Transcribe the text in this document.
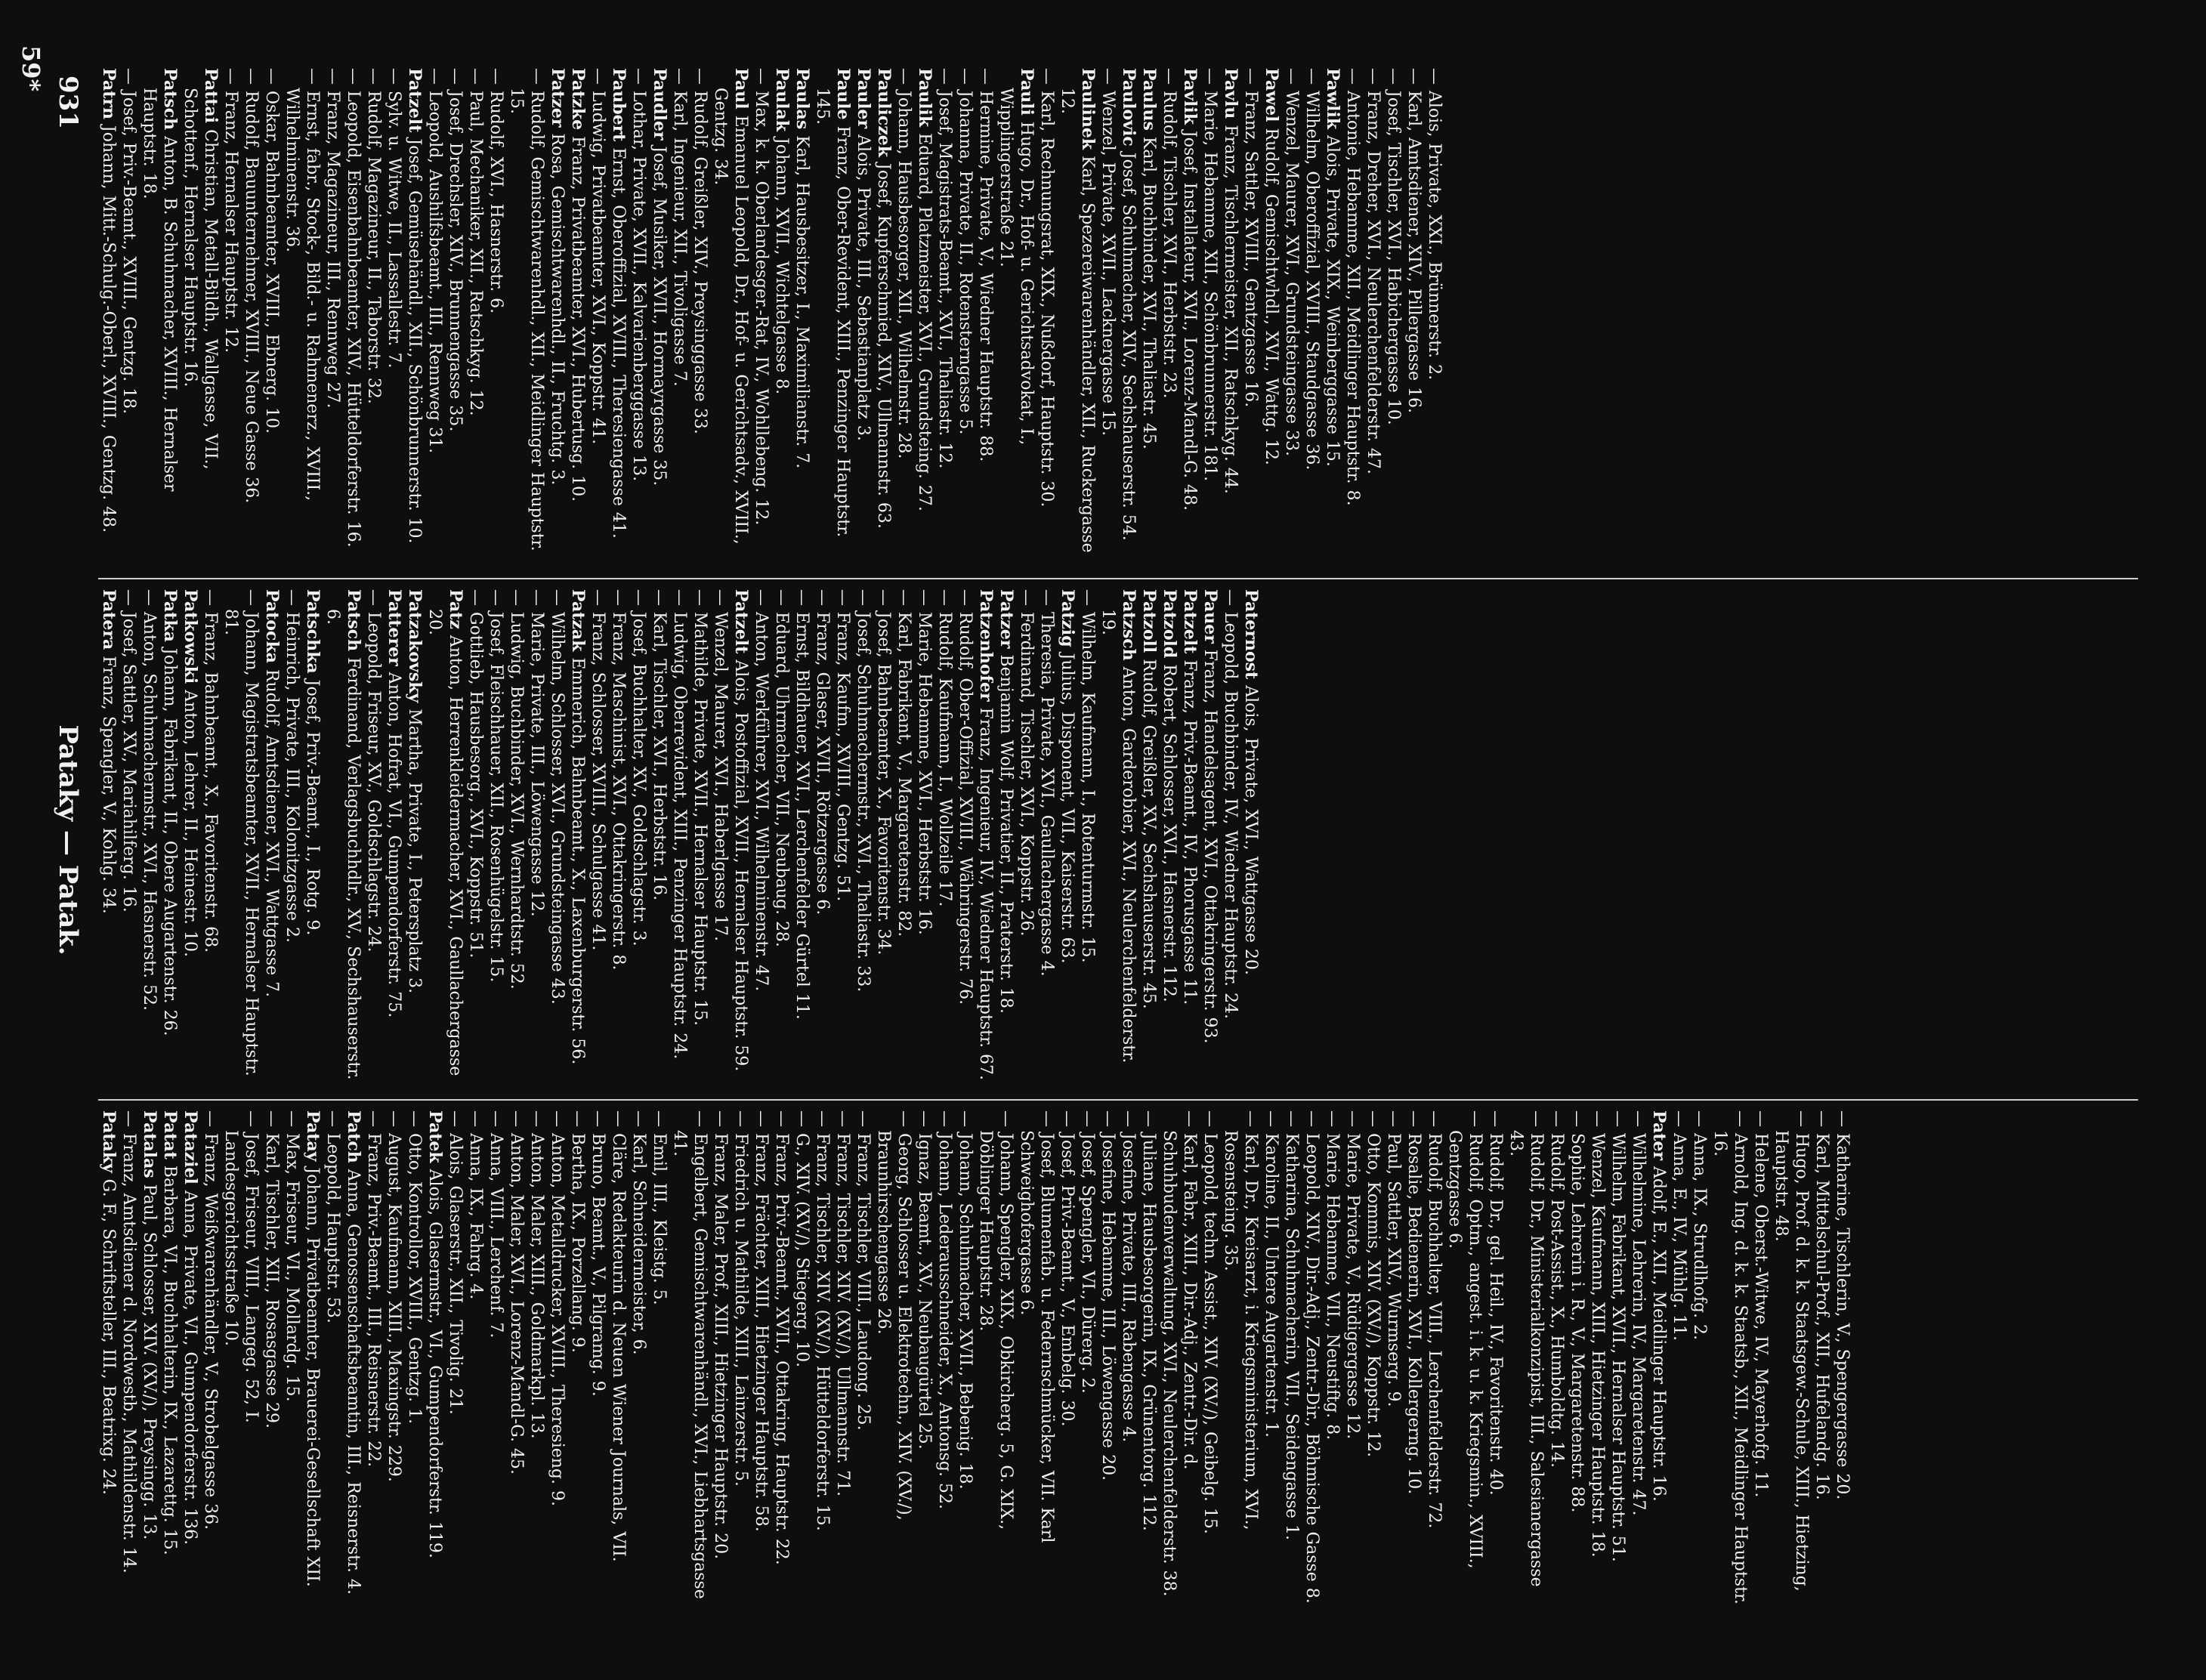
931
Pataky — Patak.

Patrn Johann, Mitt.-Schulg.-Oberl., XVIII., Gentzg. 48.

— Josef, Priv.-Beamt., XVIII., Gentzg. 18.	Patsch Anton, B. Schuhmacher, XVIII., Hernalser Hauptstr. 18.	Pattai Christian, Metall-Bildh., Wallgasse, VII., Schottenf., Hernalser Hauptstr. 16.

— Franz, Hernalser Hauptstr. 12.

— Rudolf, Bauunternehmer, XVIII., Neue Gasse 36.

— Oskar, Bahnbeamter, XVIII., Ebnerg. 10.

— Ernst, fabr., Stock-, Bild.- u. Rahmenerz., XVIII., Wilhelminenstr. 36.

— Franz, Magazineur, III., Rennweg 27.

— Leopold, Eisenbahnbeamter, XIV., Hütteldorferstr. 16.

— Rudolf, Magazineur, II., Taborstr. 32.

— Sylv. u. Witwe, II., Lassallestr. 7. Patzelt Josef, Gemüsehändl., XII., Schönbrunnerstr. 10.

— Leopold, Aushilfsbeamt., III., Rennweg 31.

— Josef, Drechsler, XIV., Brunnengasse 35.

— Paul, Mechaniker, XII., Ratschkyg. 12.

— Rudolf, XVI., Hasnerstr. 6.

— Rudolf, Gemischtwarenhdl., XII., Meidlinger Hauptstr. 15.	Patzer Rosa, Gemischtwarenhdl., II., Fruchtg. 3.

Patzke Franz, Privatbeamter, XVI., Hubertusg. 10.

— Ludwig, Privatbeamter, XVI., Koppstr. 41. Paubert Ernst, Oberoffizial, XVIII., Theresiengasse 41.

— Lothar, Private, XVII., Kalvarienberggasse 13. Paudler Josef, Musiker, XVII., Hormayrgasse 35.

— Karl, Ingenieur, XII., Tivoligasse 7.

— Rudolf, Greißler, XIV., Preysinggasse 33.

Paul Emanuel Leopold, Dr., Hof- u. Gerichtsadv., XVIII., Gentzg. 34.

— Max, k. k. Oberlandesger.-Rat, IV., Wohllebeng. 12. Paulak Johann, XVII., Wichtelgasse 8.

Paulas Karl, Hausbesitzer, I., Maximilianstr. 7.

Paule Franz, Ober-Revident, XIII., Penzinger Hauptstr. 145.	Pauler Alois, Private, III., Sebastianplatz 3.

Pauliczek Josef, Kupferschmied, XIV., Ullmannstr. 63.

— Johann, Hausbesorger, XII., Wilhelmstr. 28. Paulik Eduard, Platzmeister, XVI., Grundsteing. 27.

— Josef, Magistrats-Beamt., XVI., Thaliastr. 12.

— Johanna, Private, II., Rotensterngasse 5.

— Hermine, Private, V., Wiedner Hauptstr. 88.	Pauli Hugo, Dr., Hof- u. Gerichtsadvokat, I., Wipplingerstraße 21.

— Karl, Rechnungsrat, XIX., Nußdorf, Hauptstr. 30.	Paulinek Karl, Spezereiwarenhändler, XII., Ruckergasse 12.

— Wenzel, Private, XVII., Lacknergasse 15. Paulovic Josef, Schuhmacher, XIV., Sechshauserstr. 54.

Paulus Karl, Buchbinder, XVI., Thaliastr. 45.

— Rudolf, Tischler, XVI., Herbststr. 23. Pavlik Josef, Installateur, XVI., Lorenz-Mandl-G. 48.

— Marie, Hebamme, XII., Schönbrunnerstr. 181. Pavlu Franz, Tischlermeister, XII., Ratschkyg. 44.

— Franz, Sattler, XVIII., Gentzgasse 16. Pawel Rudolf, Gemischtwhdl., XVI., Wattg. 12.

— Wenzel, Maurer, XVI., Grundsteingasse 33.

— Wilhelm, Oberoffizial, XVIII., Staudgasse 36. Pawlik Alois, Private, XIX., Weinberggasse 15.

— Antonie, Hebamme, XII., Meidlinger Hauptstr. 8.

— Franz, Dreher, XVI., Neulerchenfelderstr. 47.

— Josef, Tischler, XVI., Habichergasse 10.

— Karl, Amtsdiener, XIV., Pillergasse 16.

— Alois, Private, XXI., Brünnerstr. 2.

Patera Franz, Spengler, V., Kohlg. 34.

— Josef, Sattler, XV., Mariahilferg. 16.

— Anton, Schuhmachermstr., XVI., Hasnerstr. 52. Patka Johann, Fabrikant, II., Obere Augartenstr. 26.

Patkowski Anton, Lehrer, II., Heinestr. 10.

— Franz, Bahnbeamt., X., Favoritenstr. 68.

— Johann, Magistratsbeamter, XVII., Hernalser Hauptstr. 81.	Patocka Rudolf, Amtsdiener, XVI., Wattgasse 7.

— Heinrich, Private, III., Kolonitzgasse 2. Patschka Josef, Priv.-Beamt., I., Rotg. 9.

Patsch Ferdinand, Verlagsbuchhdlr., XV., Sechshauserstr. 6.

— Leopold, Friseur, XV., Goldschlagstr. 24. Patterer Anton, Hofrat, VI., Gumpendorferstr. 75.

Patzakovsky Martha, Private, I., Petersplatz 3.

Patz Anton, Herrenkleidermacher, XVI., Gaullachergasse 20.

— Gottlieb, Hausbesorg., XVI., Koppstr. 51.

— Josef, Fleischhauer, XII., Rosenhügelstr. 15.

— Ludwig, Buchbinder, XVI., Wernhardtstr. 52.

— Marie, Private, III., Löwengasse 12.

— Wilhelm, Schlosser, XVI., Grundsteingasse 43. Patzak Emmerich, Bahnbeamt., X., Laxenburgerstr. 56.

— Franz, Schlosser, XVIII., Schulgasse 41.

— Franz, Maschinist, XVI., Ottakringerstr. 8.

— Josef, Buchhalter, XV., Goldschlagstr. 3.

— Karl, Tischler, XVI., Herbststr. 16.

— Ludwig, Oberrevident, XIII., Penzinger Hauptstr. 24.

— Mathilde, Private, XVII., Hernalser Hauptstr. 15.

— Wenzel, Maurer, XVI., Haberlgasse 17. Patzelt Alois, Postoffizial, XVII., Hernalser Hauptstr. 59.

— Anton, Werkführer, XVI., Wilhelminenstr. 47.

— Eduard, Uhrmacher, VII., Neubaug. 28.

— Ernst, Bildhauer, XVI., Lerchenfelder Gürtel 11.

— Franz, Glaser, XVII., Rötzergasse 6.

— Franz, Kaufm., XVIII., Gentzg. 51.

— Josef, Schuhmachermstr., XVI., Thaliastr. 33.

— Josef, Bahnbeamter, X., Favoritenstr. 34.

— Karl, Fabrikant, V., Margaretenstr. 82.

— Marie, Hebamme, XVI., Herbststr. 16.

— Rudolf, Kaufmann, I., Wollzeile 17.

— Rudolf, Ober-Offizial, XVIII., Währingerstr. 76. Patzenhofer Franz, Ingenieur, IV., Wiedner Hauptstr. 67.

Patzer Benjamin Wolf, Privatier, II., Praterstr. 18.

— Ferdinand, Tischler, XVI., Koppstr. 26.

— Theresia, Private, XVI., Gaullachergasse 4. Patzig Julius, Disponent, VII., Kaiserstr. 63.

— Wilhelm, Kaufmann, I., Rotenturmstr. 15.	Patzsch Anton, Garderobier, XVI., Neulerchenfelderstr. 19.	Patzoll Rudolf, Greißler, XV., Sechshauserstr. 45.

Patzold Robert, Schlosser, XVI., Hasnerstr. 112.

Patzelt Franz, Priv.-Beamt., IV., Phorusgasse 11.

Pauer Franz, Handelsagent, XVI., Ottakringerstr. 93.

— Leopold, Buchbinder, IV., Wiedner Hauptstr. 24. Paternost Alois, Private, XVI., Wattgasse 20.

Pataky G. F., Schriftsteller, III., Beatrixg. 24.

— Franz, Amtsdiener d. Nordwestb., Mathildenstr. 14. Patalas Paul, Schlosser, XIV. (XV./), Preysingg. 13.

Patat Barbara, VI., Buchhalterin, IX., Lazarettg. 15.

Pataziel Anna, Private, VI., Gumpendorferstr. 136.

— Franz, Weißwarenhändler, V., Strobelgasse 36.

— Josef, Friseur, VIII., Langeg. 52, I. Landesgerichtsstraße 10.

— Karl, Tischler, XII., Rosasgasse 29.

— Max, Friseur, VI., Mollardg. 15. Patay Johann, Privatbeamter, Brauerei-Gesellschaft XII.

— Leopold, Hauptstr. 53. Patch Anna, Genossenschaftsbeamtin, III., Reisnerstr. 4.

— Franz, Priv.-Beamt., III., Reisnerstr. 22.

— August, Kaufmann, XIII., Maxingstr. 229.

— Otto, Kontrollor, XVIII., Gentzg. 1. Patek Alois, Glasermstr., VI., Gumpendorferstr. 119.

— Alois, Glaserstr., XII., Tivolig. 21.

— Anna, IX., Fahrg. 4.

— Anna, VIII., Lerchenf. 7.

— Anton, Maler, XVI., Lorenz-Mandl-G. 45.

— Anton, Maler, XIII., Goldmarkpl. 13.

— Anton, Metalldrucker, XVIII., Theresieng. 9.

— Bertha, IX., Porzellang. 9.

— Bruno, Beamt., V., Pilgramg. 9.

— Cläre, Redakteurin d. Neuen Wiener Journals, VII.

— Karl, Schneidermeister, 6.

— Emil, III., Kleistg. 5.

— Engelbert, Gemischtwarenhändl., XVI., Liebhartsgasse 41.

— Franz, Maler, Prof., XIII., Hietzinger Hauptstr. 20.

— Friedrich u. Mathilde, XIII., Lainzerstr. 5.

— Franz, Frächter, XIII., Hietzinger Hauptstr. 58.

— Franz, Priv.-Beamt., XVII., Ottakring, Hauptstr. 22.

— G., XIV. (XV./), Stiegerg. 10.

— Franz, Tischler, XIV. (XV./), Hütteldorferstr. 15.

— Franz, Tischler, XIV. (XV./), Ullmannstr. 71.

— Franz, Tischler, VIII., Laudong. 25.

— Georg, Schlosser u. Elektrotechn., XIV. (XV./), Braunhirschengasse 26.

— Ignaz, Beamt., XV., Neubaugürtel 25.

— Johann, Lederausschneider, X., Antonsg. 52.

— Johann, Schuhmacher, XVII., Bebenig. 18.

— Johann, Spengler, XIX., Obkircherg. 5, G. XIX., Döblinger Hauptstr. 28.

— Josef, Blumenfab. u. Federnschmücker, VII. Karl Schweighofergasse 6.

— Josef, Priv.-Beamt., V., Embelg. 30.

— Josef, Spengler, VI., Dürerg. 2.

— Josefine, Hebamme, III., Löwengasse 20.

— Josefine, Private, III., Rabengasse 4.

— Juliane, Hausbesorgerin, IX., Grünentorg. 112.

— Karl, Fabr., XIII., Dir.-Adj., Zentr.-Dir. d. Schuhbudenverwaltung, XVI., Neulerchenfelderstr. 38.

— Leopold, techn. Assist., XIV. (XV./), Geibelg. 15.

— Karl, Dr., Kreisarzt, i. Kriegsministerium, XVI., Rosensteing. 35.

— Karoline, II., Untere Augartenstr. 1.

— Katharina, Schuhmacherin, VII., Seidengasse 1.

— Leopold, XIV., Dir.-Adj., Zentr.-Dir., Böhmische Gasse 8.

— Marie, Hebamme, VII., Neustiftg. 8.

— Marie, Private, V., Rüdigergasse 12.

— Otto, Kommis, XIV. (XV./), Koppstr. 12.

— Paul, Sattler, XIV., Wurmserg. 9.

— Rosalie, Bedienerin, XVI., Kollergerng. 10.

— Rudolf, Buchhalter, VIII., Lerchenfelderstr. 72.

— Rudolf, Optm., angest. i. k. u. k. Kriegsmin., XVIII., Gentzgasse 6.

— Rudolf, Dr., gel. Heil., IV., Favoritenstr. 40.

— Rudolf, Dr., Ministerialkonzipist, III., Salesianergasse 43.

— Rudolf, Post-Assist., X., Humboldtg. 14.

— Sophie, Lehrerin i. R., V., Margaretenstr. 88.

— Wenzel, Kaufmann, XIII., Hietzinger Hauptstr. 18.

— Wilhelm, Fabrikant, XVII., Hernalser Hauptstr. 51.

— Wilhelmine, Lehrerin, IV., Margaretenstr. 47. Pater Adolf, E., XII., Meidlinger Hauptstr. 16.

— Anna, E., IV., Mühlg. 11.

— Anna, IX., Strudlhofg. 2.

— Arnold, Ing. d. k. k. Staatsb., XII., Meidlinger Hauptstr. 16.

— Helene, Oberst.-Witwe, IV., Mayerhofg. 11.

— Hugo, Prof. d. k. k. Staatsgew.-Schule, XIII., Hietzing, Hauptstr. 48.

— Karl, Mittelschul-Prof., XII., Hufelandg. 16.

— Katharine, Tischlerin, V., Spengergasse 20.

59*
